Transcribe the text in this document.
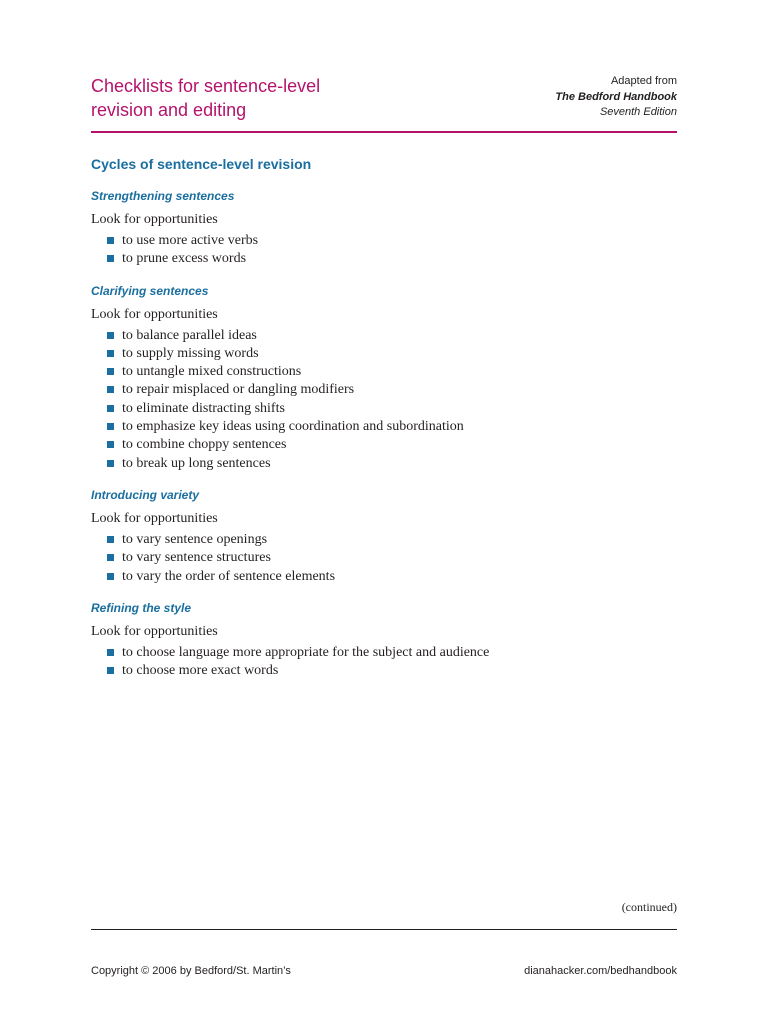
Checklists for sentence-level
revision and editing
Adapted from
The Bedford Handbook
Seventh Edition
Cycles of sentence-level revision
Strengthening sentences

Look for opportunities

to use more active verbs
to prune excess words
Clarifying sentences

Look for opportunities

to balance parallel ideas
to supply missing words
to untangle mixed constructions
to repair misplaced or dangling modifiers
to eliminate distracting shifts
to emphasize key ideas using coordination and subordination
to combine choppy sentences
to break up long sentences
Introducing variety

Look for opportunities

to vary sentence openings
to vary sentence structures
to vary the order of sentence elements
Refining the style

Look for opportunities

to choose language more appropriate for the subject and audience
to choose more exact words
(continued)
Copyright © 2006 by Bedford/St. Martin’s	dianahacker.com/bedhandbook
